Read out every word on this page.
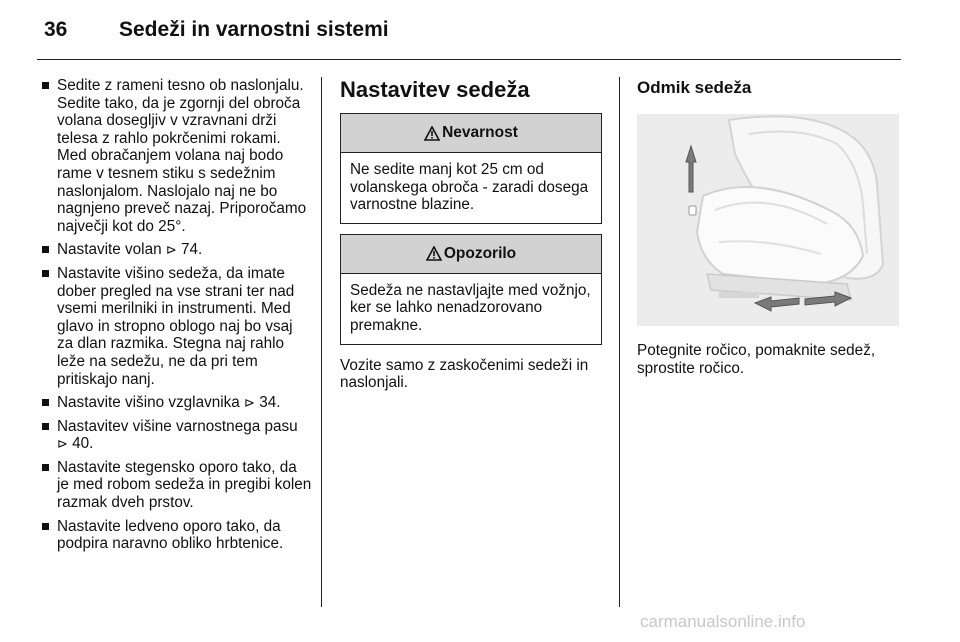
36 Sedeži in varnostni sistemi
Sedite z rameni tesno ob naslonjalu. Sedite tako, da je zgornji del obroča volana dosegljiv v vzravnani drži telesa z rahlo pokrčenimi rokami. Med obračanjem volana naj bodo rame v tesnem stiku s sedežnim naslonjalom. Naslojalo naj ne bo nagnjeno preveč nazaj. Priporočamo največji kot do 25°.
Nastavite volan ⊳ 74.
Nastavite višino sedeža, da imate dober pregled na vse strani ter nad vsemi merilniki in instrumenti. Med glavo in stropno oblogo naj bo vsaj za dlan razmika. Stegna naj rahlo leže na sedežu, ne da pri tem pritiskajo nanj.
Nastavite višino vzglavnika ⊳ 34.
Nastavitev višine varnostnega pasu ⊳ 40.
Nastavite stegensko oporo tako, da je med robom sedeža in pregibi kolen razmak dveh prstov.
Nastavite ledveno oporo tako, da podpira naravno obliko hrbtenice.
Nastavitev sedeža
Nevarnost
Ne sedite manj kot 25 cm od volanskega obroča - zaradi dosega varnostne blazine.
Opozorilo
Sedeža ne nastavljajte med vožnjo, ker se lahko nenadzorovano premakne.
Vozite samo z zaskočenimi sedeži in naslonjali.
Odmik sedeža
Potegnite ročico, pomaknite sedež, sprostite ročico.
carmanualsonline.info
